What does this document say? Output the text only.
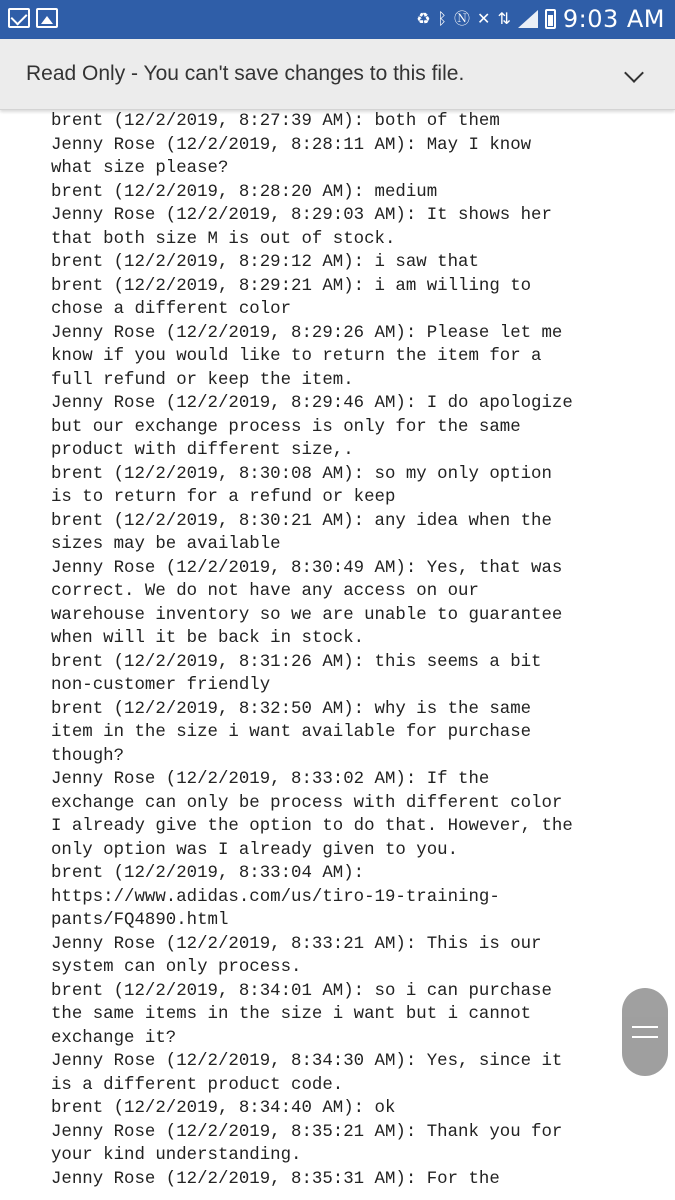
♻ ᛒ Ⓝ ✕ ⇅ 9:03 AM
Read Only - You can't save changes to this file.
brent (12/2/2019, 8:27:39 AM): both of them
Jenny Rose (12/2/2019, 8:28:11 AM): May I know
what size please?
brent (12/2/2019, 8:28:20 AM): medium
Jenny Rose (12/2/2019, 8:29:03 AM): It shows her
that both size M is out of stock.
brent (12/2/2019, 8:29:12 AM): i saw that
brent (12/2/2019, 8:29:21 AM): i am willing to
chose a different color
Jenny Rose (12/2/2019, 8:29:26 AM): Please let me
know if you would like to return the item for a
full refund or keep the item.
Jenny Rose (12/2/2019, 8:29:46 AM): I do apologize
but our exchange process is only for the same
product with different size,.
brent (12/2/2019, 8:30:08 AM): so my only option
is to return for a refund or keep
brent (12/2/2019, 8:30:21 AM): any idea when the
sizes may be available
Jenny Rose (12/2/2019, 8:30:49 AM): Yes, that was
correct. We do not have any access on our
warehouse inventory so we are unable to guarantee
when will it be back in stock.
brent (12/2/2019, 8:31:26 AM): this seems a bit
non-customer friendly
brent (12/2/2019, 8:32:50 AM): why is the same
item in the size i want available for purchase
though?
Jenny Rose (12/2/2019, 8:33:02 AM): If the
exchange can only be process with different color
I already give the option to do that. However, the
only option was I already given to you.
brent (12/2/2019, 8:33:04 AM):
https://www.adidas.com/us/tiro-19-training-
pants/FQ4890.html
Jenny Rose (12/2/2019, 8:33:21 AM): This is our
system can only process.
brent (12/2/2019, 8:34:01 AM): so i can purchase
the same items in the size i want but i cannot
exchange it?
Jenny Rose (12/2/2019, 8:34:30 AM): Yes, since it
is a different product code.
brent (12/2/2019, 8:34:40 AM): ok
Jenny Rose (12/2/2019, 8:35:21 AM): Thank you for
your kind understanding.
Jenny Rose (12/2/2019, 8:35:31 AM): For the
